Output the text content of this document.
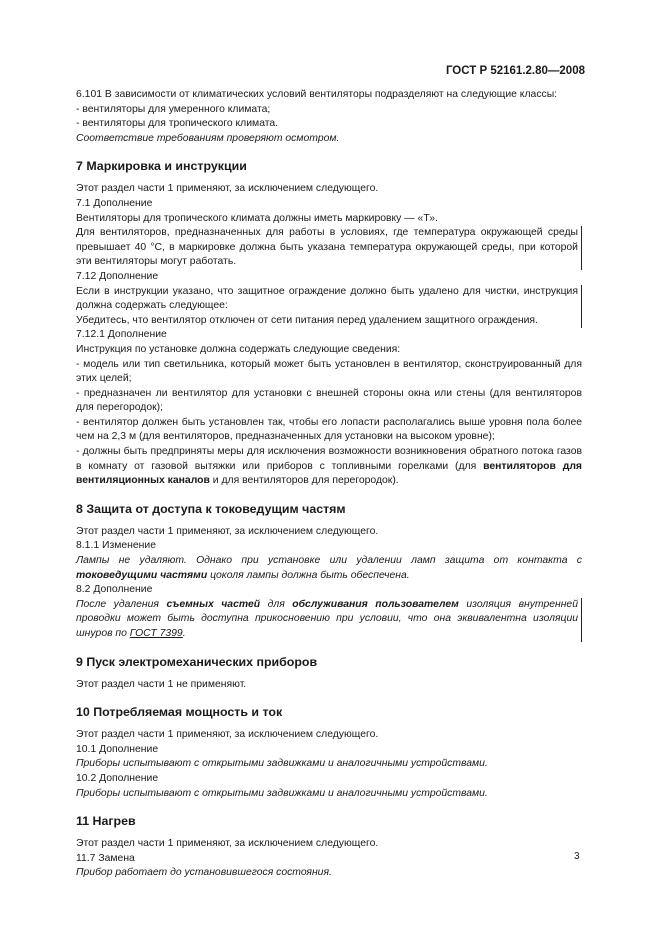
ГОСТ Р 52161.2.80—2008

6.101 В зависимости от климатических условий вентиляторы подразделяют на следующие классы:

- вентиляторы для умеренного климата;

- вентиляторы для тропического климата.

Соответствие требованиям проверяют осмотром.

7 Маркировка и инструкции

Этот раздел части 1 применяют, за исключением следующего.

7.1 Дополнение

Вентиляторы для тропического климата должны иметь маркировку — «Т».

Для вентиляторов, предназначенных для работы в условиях, где температура окружающей среды превышает 40 °С, в маркировке должна быть указана температура окружающей среды, при которой эти вентиляторы могут работать.

7.12 Дополнение

Если в инструкции указано, что защитное ограждение должно быть удалено для чистки, инструкция должна содержать следующее:

Убедитесь, что вентилятор отключен от сети питания перед удалением защитного ограждения.

7.12.1 Дополнение

Инструкция по установке должна содержать следующие сведения:

- модель или тип светильника, который может быть установлен в вентилятор, сконструированный для этих целей;

- предназначен ли вентилятор для установки с внешней стороны окна или стены (для вентиляторов для перегородок);

- вентилятор должен быть установлен так, чтобы его лопасти располагались выше уровня пола более чем на 2,3 м (для вентиляторов, предназначенных для установки на высоком уровне);

- должны быть предприняты меры для исключения возможности возникновения обратного потока газов в комнату от газовой вытяжки или приборов с топливными горелками (для вентиляторов для вентиляционных каналов и для вентиляторов для перегородок).

8 Защита от доступа к токоведущим частям

Этот раздел части 1 применяют, за исключением следующего.

8.1.1 Изменение

Лампы не удаляют. Однако при установке или удалении ламп защита от контакта с токоведущими частями цоколя лампы должна быть обеспечена.

8.2 Дополнение

После удаления съемных частей для обслуживания пользователем изоляция внутренней проводки может быть доступна прикосновению при условии, что она эквивалентна изоляции шнуров по ГОСТ 7399.

9 Пуск электромеханических приборов

Этот раздел части 1 не применяют.

10 Потребляемая мощность и ток

Этот раздел части 1 применяют, за исключением следующего.

10.1 Дополнение

Приборы испытывают с открытыми задвижками и аналогичными устройствами.

10.2 Дополнение

Приборы испытывают с открытыми задвижками и аналогичными устройствами.

11 Нагрев

Этот раздел части 1 применяют, за исключением следующего.

11.7 Замена

Прибор работает до установившегося состояния.

3
